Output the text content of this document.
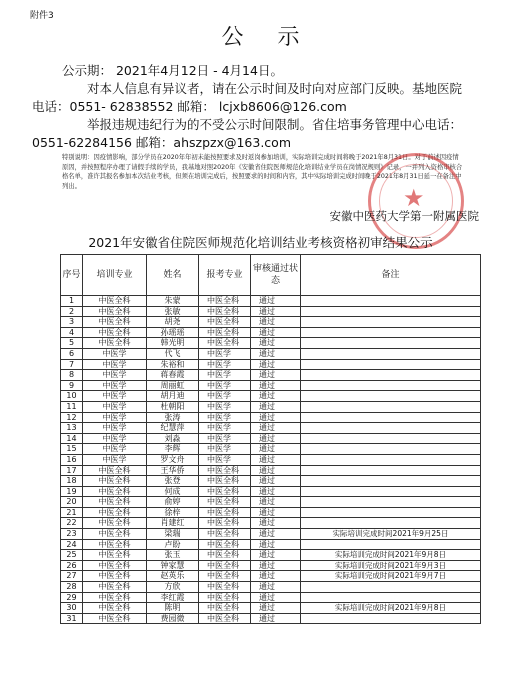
附件3
公示

公示期： 2021年4月12日 - 4月14日。

对本人信息有异议者，请在公示时间及时向对应部门反映。基地医院

电话：0551- 62838552 邮箱： lcjxb8606@126.com

举报违规违纪行为的不受公示时间限制。省住培事务管理中心电话：

0551-62284156 邮箱：ahszpzx@163.com

特别说明：因疫情影响，部分学员在2020年年初未能按照要求及时返岗参加培训，实际培训完成时间将晚于2021年8月31日。对于前述因疫情原因，并按照程序办理了请假手续的学员，我基地对照2020年《安徽省住院医师规范化培训结业学员在岗情况规则》记录，一并列入资格审核合格名单，准许其报名参加本次结业考核，但须在培训完成后，按照要求的时间和内容，其中实际培训完成时间晚于2021年8月31日延一在备注中列出。	★
安徽中医药大学第一附属医院
2021年安徽省住院医师规范化培训结业考核资格初审结果公示
序号	培训专业	姓名	报考专业	审核通过状态	备注
1	中医全科	朱蒙	中医全科	通过	
2	中医全科	张敏	中医全科	通过	
3	中医全科	胡尧	中医全科	通过	
4	中医全科	孙瑶瑶	中医全科	通过	
5	中医全科	韩光明	中医全科	通过	
6	中医学	代飞	中医学	通过	
7	中医学	朱裕和	中医学	通过	
8	中医学	蒋春霞	中医学	通过	
9	中医学	周丽虹	中医学	通过	
10	中医学	胡月迪	中医学	通过	
11	中医学	杜朝阳	中医学	通过	
12	中医学	张涛	中医学	通过	
13	中医学	纪慧萍	中医学	通过	
14	中医学	刘淼	中医学	通过	
15	中医学	李辉	中医学	通过	
16	中医学	罗文舟	中医学	通过	
17	中医全科	王华侨	中医全科	通过	
18	中医全科	张登	中医全科	通过	
19	中医全科	何成	中医全科	通过	
20	中医全科	俞婷	中医全科	通过	
21	中医全科	徐梓	中医全科	通过	
22	中医全科	肖建红	中医全科	通过	
23	中医全科	梁瑞	中医全科	通过	实际培训完成时间2021年9月25日
24	中医全科	卢盼	中医全科	通过	
25	中医全科	张玉	中医全科	通过	实际培训完成时间2021年9月8日
26	中医全科	钟家慧	中医全科	通过	实际培训完成时间2021年9月3日
27	中医全科	赵英乐	中医全科	通过	实际培训完成时间2021年9月7日
28	中医全科	方欣	中医全科	通过	
29	中医全科	李红霞	中医全科	通过	
30	中医全科	陈明	中医全科	通过	实际培训完成时间2021年9月8日
31	中医全科	费园微	中医全科	通过	
